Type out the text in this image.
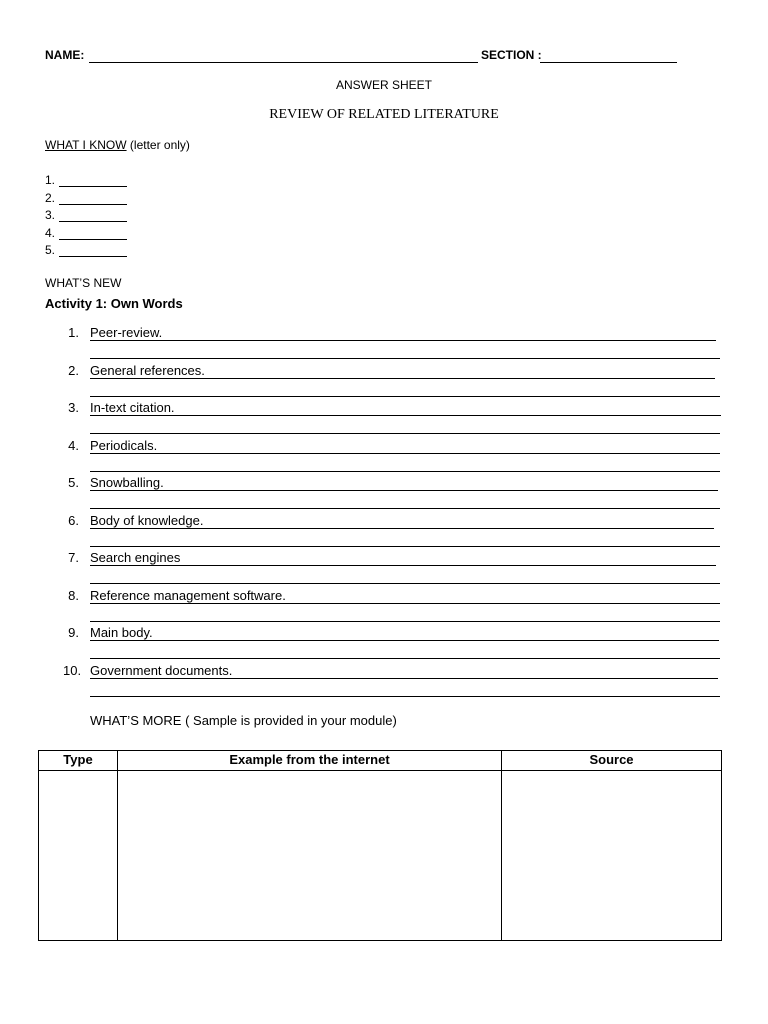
NAME:	SECTION :
ANSWER SHEET
REVIEW OF RELATED LITERATURE
WHAT I KNOW (letter only)
1.
2.
3.
4.
5.
WHAT’S NEW
Activity 1: Own Words
1. Peer-review.
2. General references.
3. In-text citation.
4. Periodicals.
5. Snowballing.
6. Body of knowledge.
7. Search engines
8. Reference management software.
9. Main body.
10. Government documents.
WHAT’S MORE ( Sample is provided in your module)
Type	Example from the internet	Source
